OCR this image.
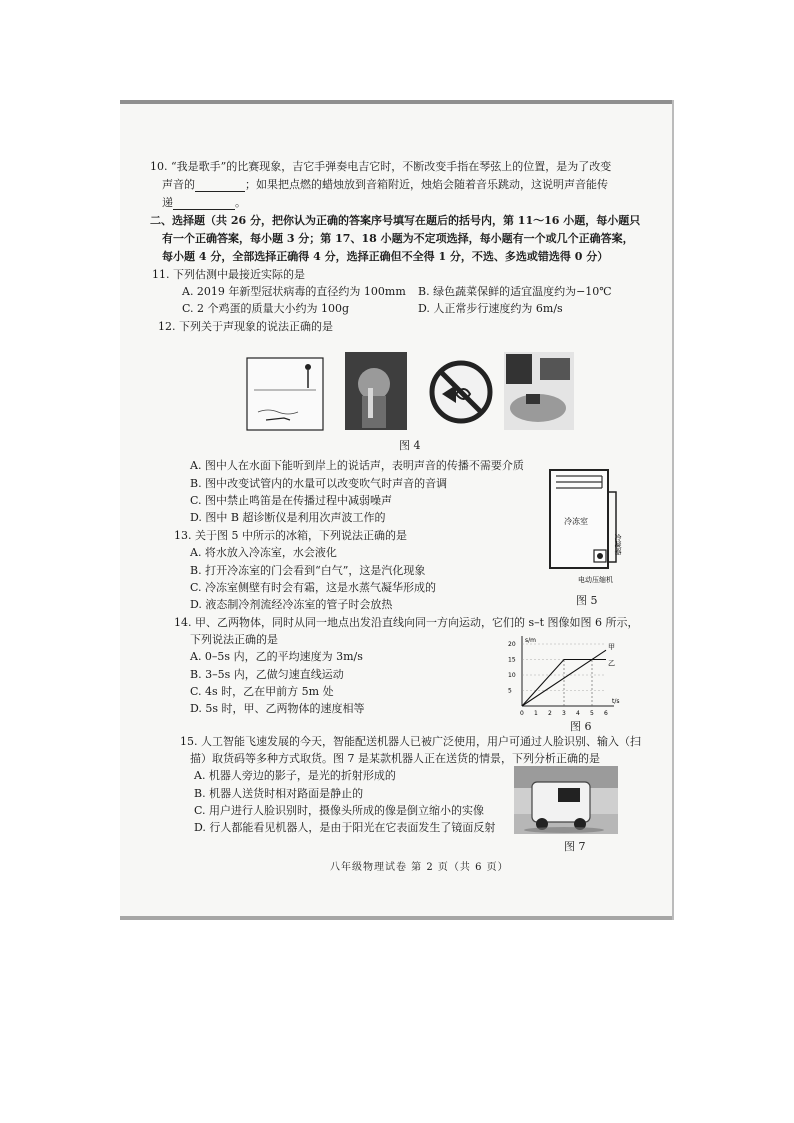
10. “我是歌手”的比赛现象，吉它手弹奏电吉它时，不断改变手指在琴弦上的位置，是为了改变
声音的	；如果把点燃的蜡烛放到音箱附近，烛焰会随着音乐跳动，这说明声音能传
递	。
二、选择题（共 26 分，把你认为正确的答案序号填写在题后的括号内，第 11～16 小题，每小题只
有一个正确答案，每小题 3 分；第 17、18 小题为不定项选择，每小题有一个或几个正确答案，
每小题 4 分，全部选择正确得 4 分，选择正确但不全得 1 分，不选、多选或错选得 0 分）
11. 下列估测中最接近实际的是
A. 2019 年新型冠状病毒的直径约为 100mm B. 绿色蔬菜保鲜的适宜温度约为−10℃
C. 2 个鸡蛋的质量大小约为 100g	D. 人正常步行速度约为 6m/s
12. 下列关于声现象的说法正确的是
图 4
A. 图中人在水面下能听到岸上的说话声，表明声音的传播不需要介质
B. 图中改变试管内的水量可以改变吹气时声音的音调
C. 图中禁止鸣笛是在传播过程中减弱噪声
D. 图中 B 超诊断仪是利用次声波工作的
13. 关于图 5 中所示的冰箱，下列说法正确的是
A. 将水放入冷冻室，水会液化
B. 打开冷冻室的门会看到“白气”，这是汽化现象
C. 冷冻室侧壁有时会有霜，这是水蒸气凝华形成的
D. 液态制冷剂流经冷冻室的管子时会放热
冷冻室
冷凝器
电动压缩机
图 5
14. 甲、乙两物体，同时从同一地点出发沿直线向同一方向运动，它们的 s–t 图像如图 6 所示，
下列说法正确的是
A. 0–5s 内，乙的平均速度为 3m/s
B. 3–5s 内，乙做匀速直线运动
C. 4s 时，乙在甲前方 5m 处
D. 5s 时，甲、乙两物体的速度相等
甲
乙
0 1 2 3 4 5 6
5
10
15
20
t/s
s/m
图 6
15. 人工智能飞速发展的今天，智能配送机器人已被广泛使用，用户可通过人脸识别、输入（扫
描）取货码等多种方式取货。图 7 是某款机器人正在送货的情景，下列分析正确的是
A. 机器人旁边的影子，是光的折射形成的
B. 机器人送货时相对路面是静止的
C. 用户进行人脸识别时，摄像头所成的像是倒立缩小的实像
D. 行人都能看见机器人，是由于阳光在它表面发生了镜面反射
图 7
八年级物理试卷 第 2 页（共 6 页）
